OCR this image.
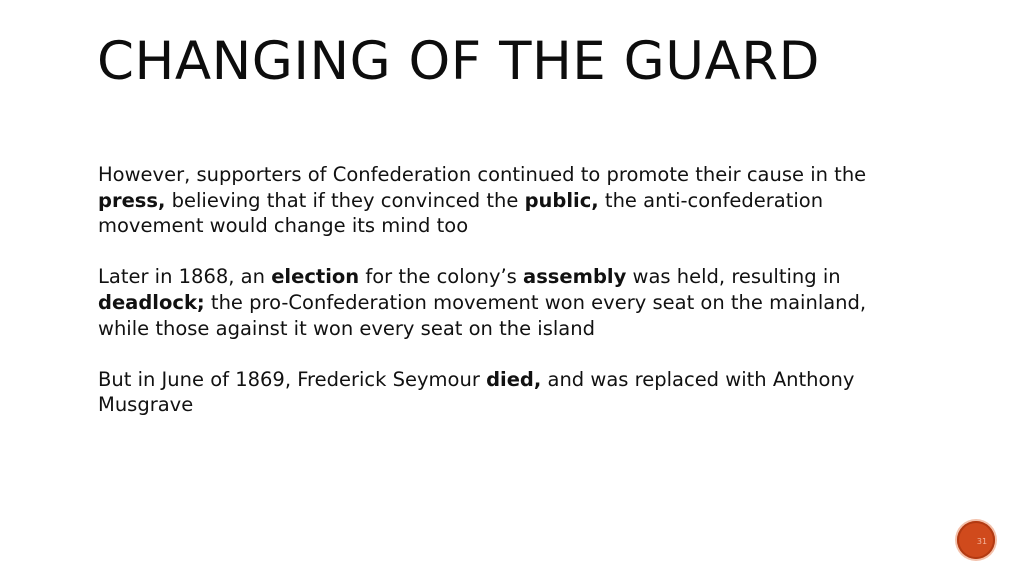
CHANGING OF THE GUARD

However, supporters of Confederation continued to promote their cause in the press, believing that if they convinced the public, the anti-confederation movement would change its mind too

Later in 1868, an election for the colony’s assembly was held, resulting in
deadlock; the pro-Confederation movement won every seat on the mainland, while those against it won every seat on the island

But in June of 1869, Frederick Seymour died, and was replaced with Anthony Musgrave

31
